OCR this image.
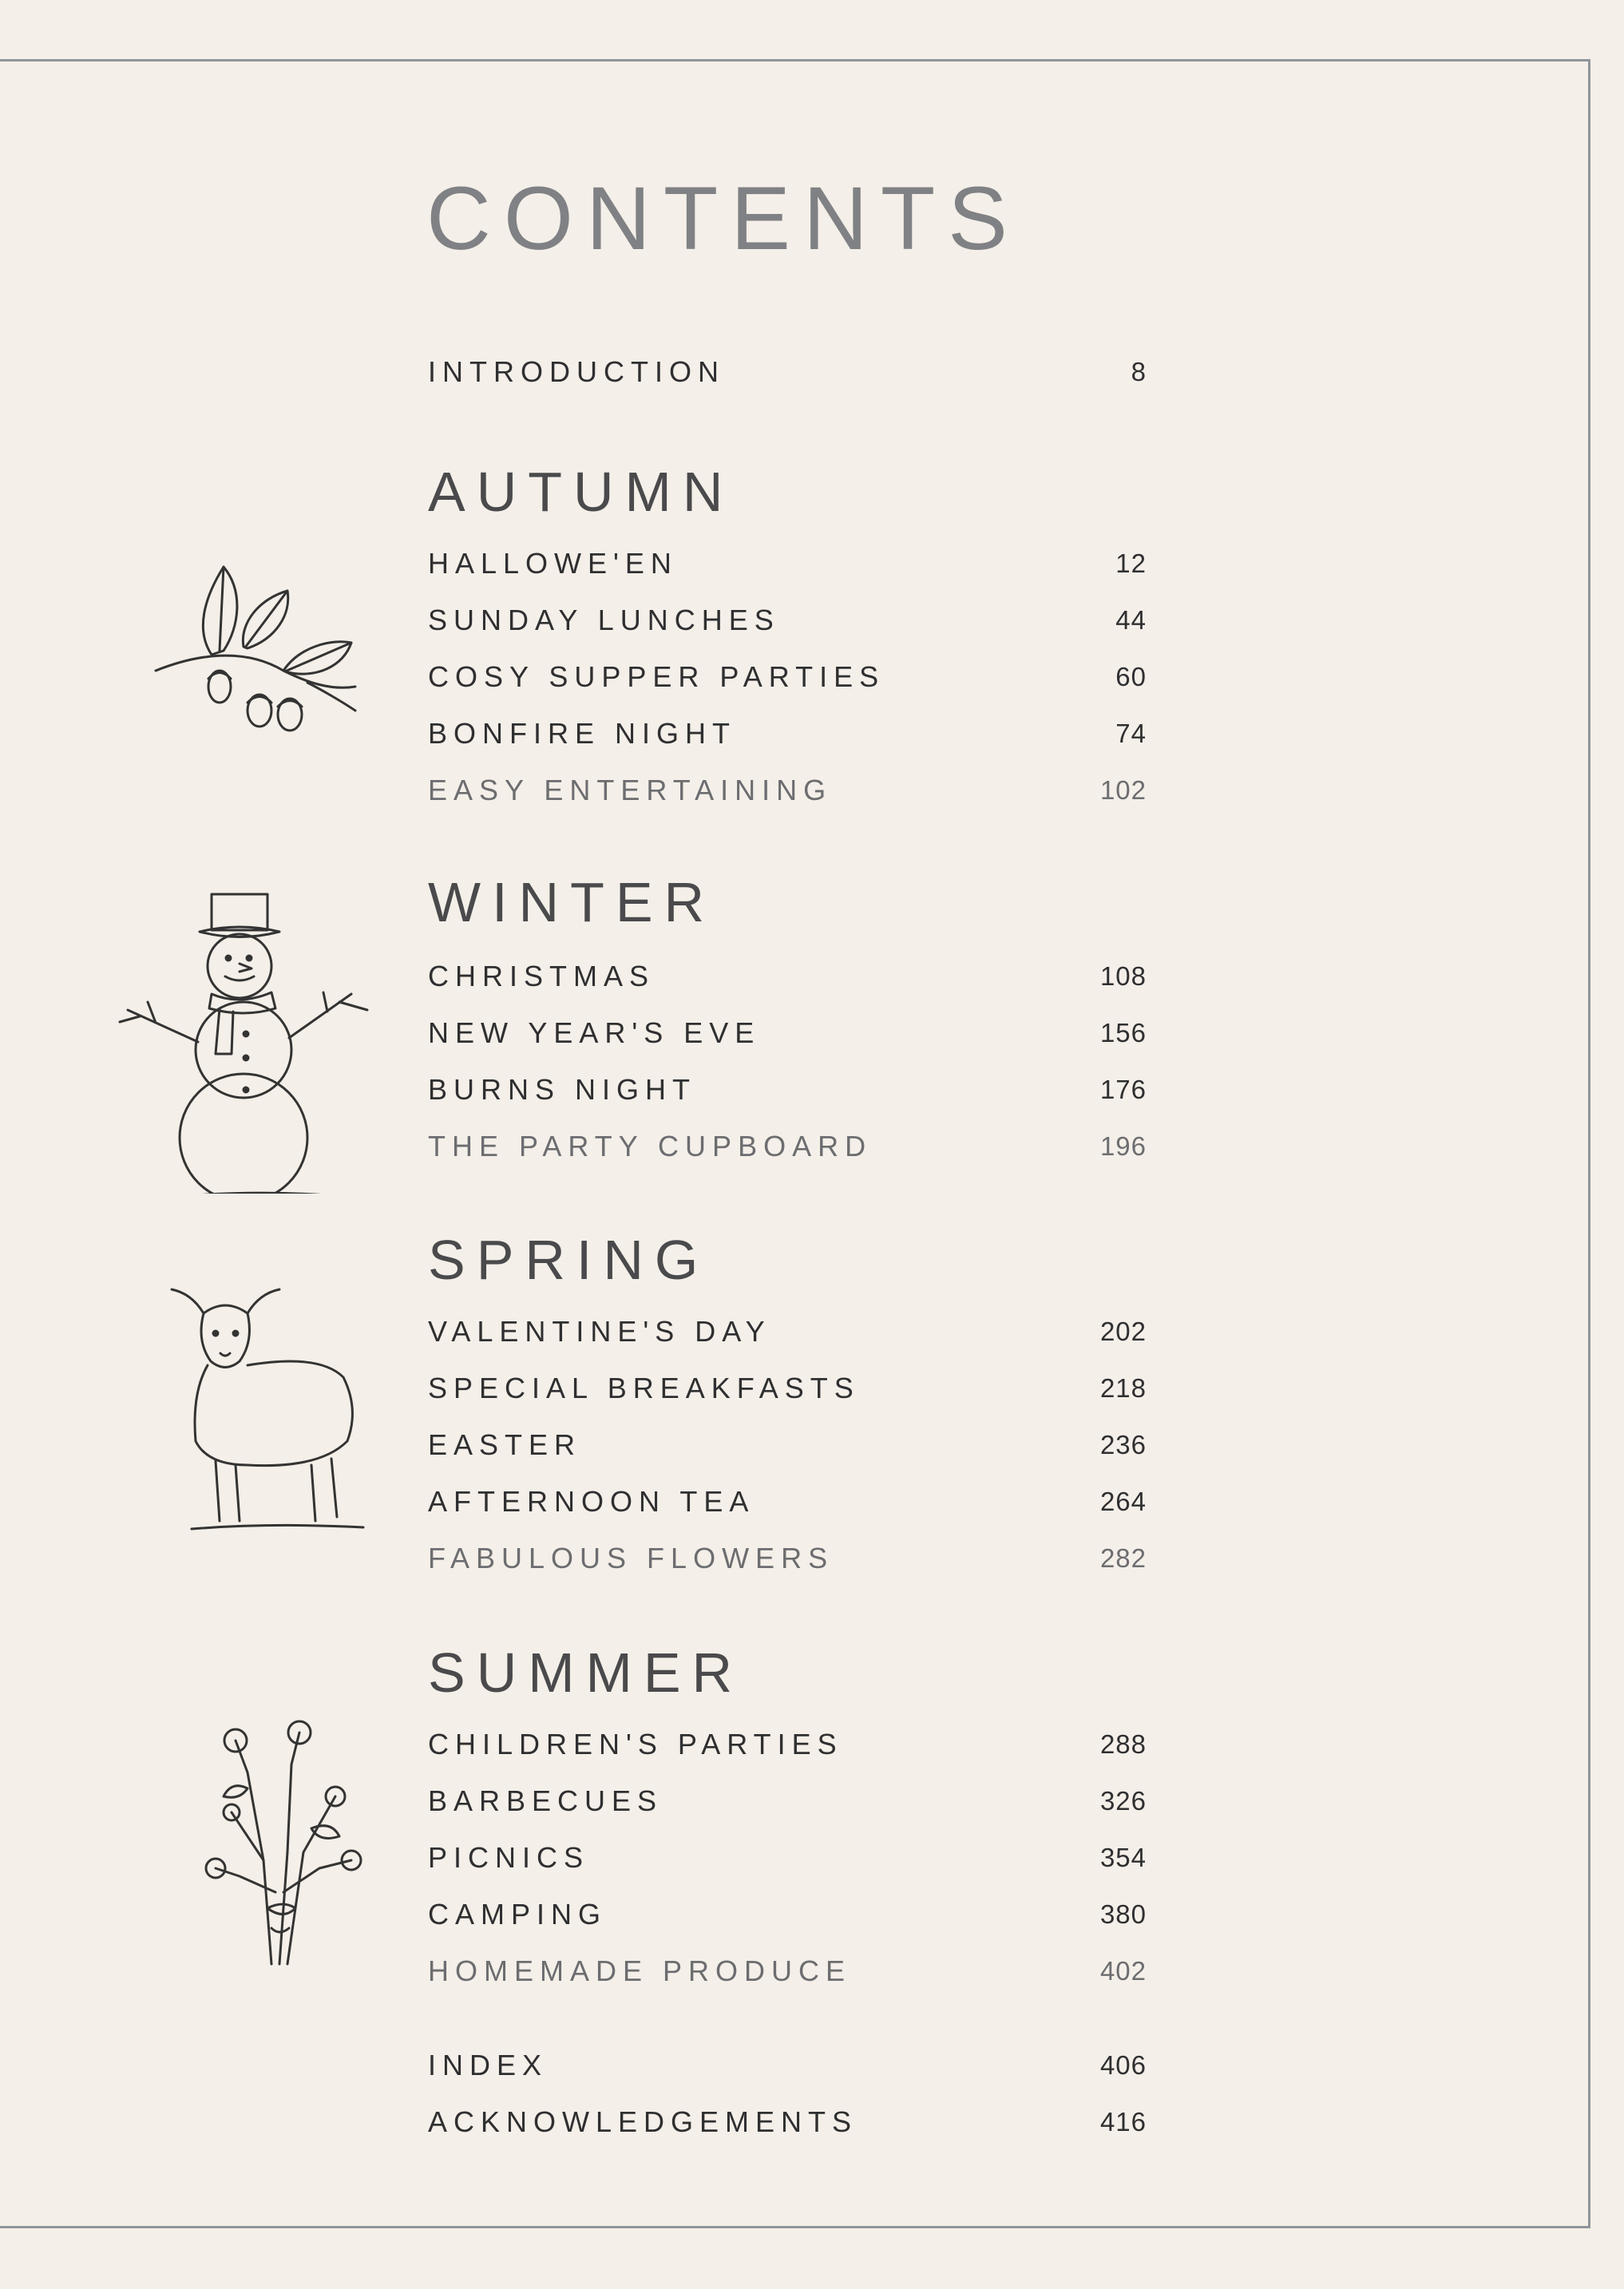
CONTENTS
INTRODUCTION	8
AUTUMN
HALLOWE'EN	12
SUNDAY LUNCHES	44
COSY SUPPER PARTIES	60
BONFIRE NIGHT	74
EASY ENTERTAINING	102
WINTER
CHRISTMAS	108
NEW YEAR'S EVE	156
BURNS NIGHT	176
THE PARTY CUPBOARD	196
SPRING
VALENTINE'S DAY	202
SPECIAL BREAKFASTS	218
EASTER	236
AFTERNOON TEA	264
FABULOUS FLOWERS	282
SUMMER
CHILDREN'S PARTIES	288
BARBECUES	326
PICNICS	354
CAMPING	380
HOMEMADE PRODUCE	402
INDEX	406
ACKNOWLEDGEMENTS	416
